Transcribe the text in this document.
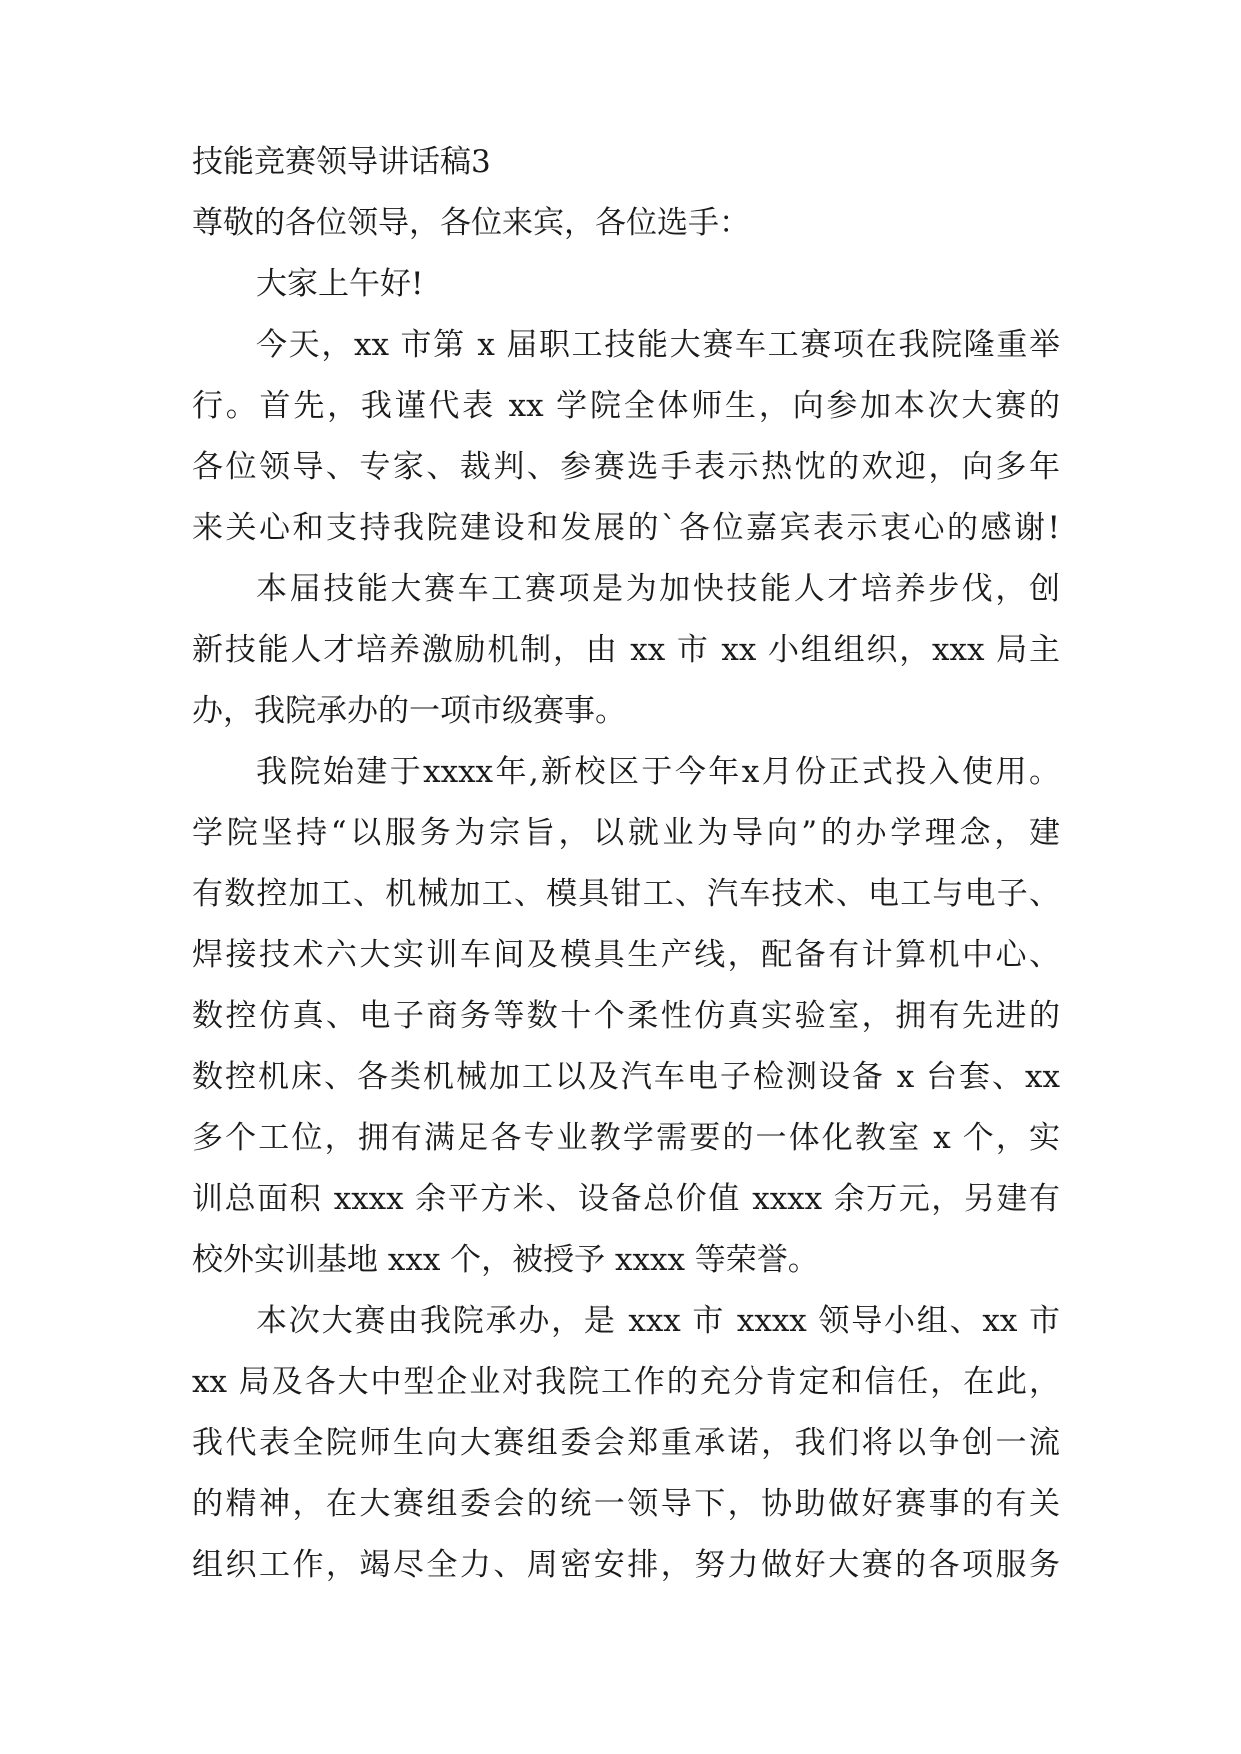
技能竞赛领导讲话稿3
尊敬的各位领导，各位来宾，各位选手：
大家上午好!
今天，xx 市第 x 届职工技能大赛车工赛项在我院隆重举
行。首先，我谨代表 xx 学院全体师生，向参加本次大赛的
各位领导、专家、裁判、参赛选手表示热忱的欢迎，向多年
来关心和支持我院建设和发展的`各位嘉宾表示衷心的感谢!
本届技能大赛车工赛项是为加快技能人才培养步伐，创
新技能人才培养激励机制，由 xx 市 xx 小组组织，xxx 局主
办，我院承办的一项市级赛事。
我院始建于xxxx年,新校区于今年x月份正式投入使用。
学院坚持“以服务为宗旨，以就业为导向”的办学理念，建
有数控加工、机械加工、模具钳工、汽车技术、电工与电子、
焊接技术六大实训车间及模具生产线，配备有计算机中心、
数控仿真、电子商务等数十个柔性仿真实验室，拥有先进的
数控机床、各类机械加工以及汽车电子检测设备 x 台套、xx
多个工位，拥有满足各专业教学需要的一体化教室 x 个，实
训总面积 xxxx 余平方米、设备总价值 xxxx 余万元，另建有
校外实训基地 xxx 个，被授予 xxxx 等荣誉。
本次大赛由我院承办，是 xxx 市 xxxx 领导小组、xx 市
xx 局及各大中型企业对我院工作的充分肯定和信任，在此，
我代表全院师生向大赛组委会郑重承诺，我们将以争创一流
的精神，在大赛组委会的统一领导下，协助做好赛事的有关
组织工作，竭尽全力、周密安排，努力做好大赛的各项服务
